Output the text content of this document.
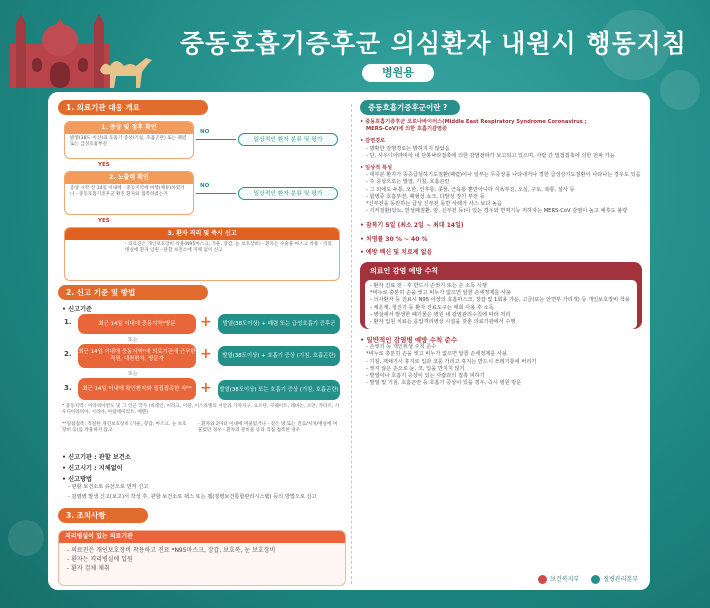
중동호흡기증후군 의심환자 내원시 행동지침
병원용
1. 의료기관 대응 개요
1. 증상 및 징후 확인
발열(38도 이상)과 호흡기 증상(기침, 호흡곤란) 또는 폐렴 또는 급성호흡부전
NO
일상적인 환자 분류 및 평가
YES
2. 노출력 확인
증상 시작 전 14일 이내에 - 중동지역에 여행(체류)하였거나 - 중동호흡기증후군 확진 환자와 접촉하였는가
NO
일상적인 환자 분류 및 평가
YES
3. 환자 격리 및 즉시 신고
- 의료진은 개인보호장비 착용(N95마스크, 가운, 장갑, 눈 보호장비) - 환자는 수술용 마스크 착용 - 격리병실에 환자 입원 - 관할 보건소에 지체 없이 신고
2. 신고 기준 및 방법
• 신고기준
1.	최근 14일 이내에 중동지역*방문	+	발열(38도이상) + 폐렴 또는 급성호흡기 증후군
또는
2. 최근 14일 이내에 중동지역*에 의료기관에 근무한 직원, 내원환자, 방문자	+	발열(38도이상) + 호흡기 증상 (기침, 호흡곤란)
또는
3.	최근 14일 이내에 확인환자와 밀접접촉한 자** + 발열(38도이상) 또는 호흡기 증상 (기침, 호흡곤란)
* 중동지역 : 아라비아반도 및 그 인근 국가 (바레인, 이라크, 이란, 이스라엘의 서안과 가자지구, 요르단, 쿠웨이트, 레바논, 오만, 카타르, 사우디아라비아, 시리아, 아랍에미리트, 예멘)
**밀접접촉: 적절한 개인보호장비 (가운, 장갑, 마스크, 눈 보호장비 등)를 착용하지 않고
- 환자와 2미터 이내에 머물렀거나 - 같은 방 또는 진료/처치/병실에 머물렀던 경우 - 환자의 분비물 등과 직접 접촉한 경우
• 신고기관 : 관할 보건소
• 신고시기 : 지체없이
• 신고방법
- 관할 보건소로 유선으로 먼저 신고
- 감염병 발생 신고(보고)서 작성 후, 관할 보건소로 팩스 또는 웹(질병보건통합관리시스템) 등의 방법으로 신고
3. 조치사항
격리병실이 있는 의료기관
- 의료진은 개인보호장비 착용하고 진료 *N95마스크, 장갑, 보호복, 눈 보호장비
- 환자는 격리병실에 입원
- 환자 검체 채취
중동호흡기증후군이란 ?
• 중동호흡기증후군 코로나바이러스(Middle East Respiratory Syndrome Coronavirus ;
MERS-CoV)에 의한 호흡기감염증
• 감염경로
- 명확한 감염경로는 밝혀지지 않았음
- 단, 사우디아라비아 내 단봉낙타접촉에 의한 감염전파가 보고되고 있으며, 사람 간 밀접접촉에 의한 전파 가능
• 임상적 특성
- 대부분 환자가 중증급성하기도질환(폐렴)이나 일부는 무증상을 나타내거나 경한 급성상기도질환이 나타나는 경우도 있음
- 주 증상으로는 발열, 기침, 호흡곤란
- 그 외에도 두통, 오한, 인후통, 콧물, 근육통 뿐만아니라 식욕부진, 오심, 구토, 복통, 설사 등
- 합병증 호흡부전, 패혈성 쇼크, 다발성 장기 부전 등
*신부전을 동반하는 급성 신부전 동반 사례가 사스 보다 높음
- 기저질환(당뇨, 만성폐질환, 암, 신부전 등)이 있는 경우와 면역기능 저하자는 MERS-CoV 감염이 높고 예후도 불량
• 잠복기 5일 (최소 2일 ~ 최대 14일)
• 치명률 30 % ~ 40 %
• 예방 백신 및 치료제 없음
의료인 감염 예방 수칙
- 환자 진료 전 · 후 반드시 손씻기 또는 손 소독 시행
*비누로 충분히 손을 씻고 비누가 없으면 알콜 손세정제를 사용
- 의사환자 등 진료시 N95 이상의 호흡마스크, 장갑 및 1회용 가운, 고글(또는 안면부 가리개) 등 개인보호장비 착용
- 체온계, 청진기 등 환자 진료도구는 매회 사용 후 소독
- 병실에서 발생한 폐기물은 병원 내 감염관리수칙에 따라 처리
- 환자 입원 치료는 음압격리병상 시설을 갖춘 의료기관에서 수행
• 일반적인 감염병 예방 수칙 준수
- 손씻기 등 개인위생 수칙 준수
*비누로 충분히 손을 씻고 비누가 없으면 알콜 손세정제를 사용
- 기침, 재채기시 휴지로 입과 코를 가리고 휴지는 반드시 쓰레기통에 버리기
- 씻지 않은 손으로 눈, 코, 입을 만지지 않기
- 발열이나 호흡기 증상이 있는 사람과의 접촉 피하기
- 발열 및 기침, 호흡곤란 등 호흡기 증상이 있을 경우, 즉시 병원 방문
보건복지부	질병관리본부
